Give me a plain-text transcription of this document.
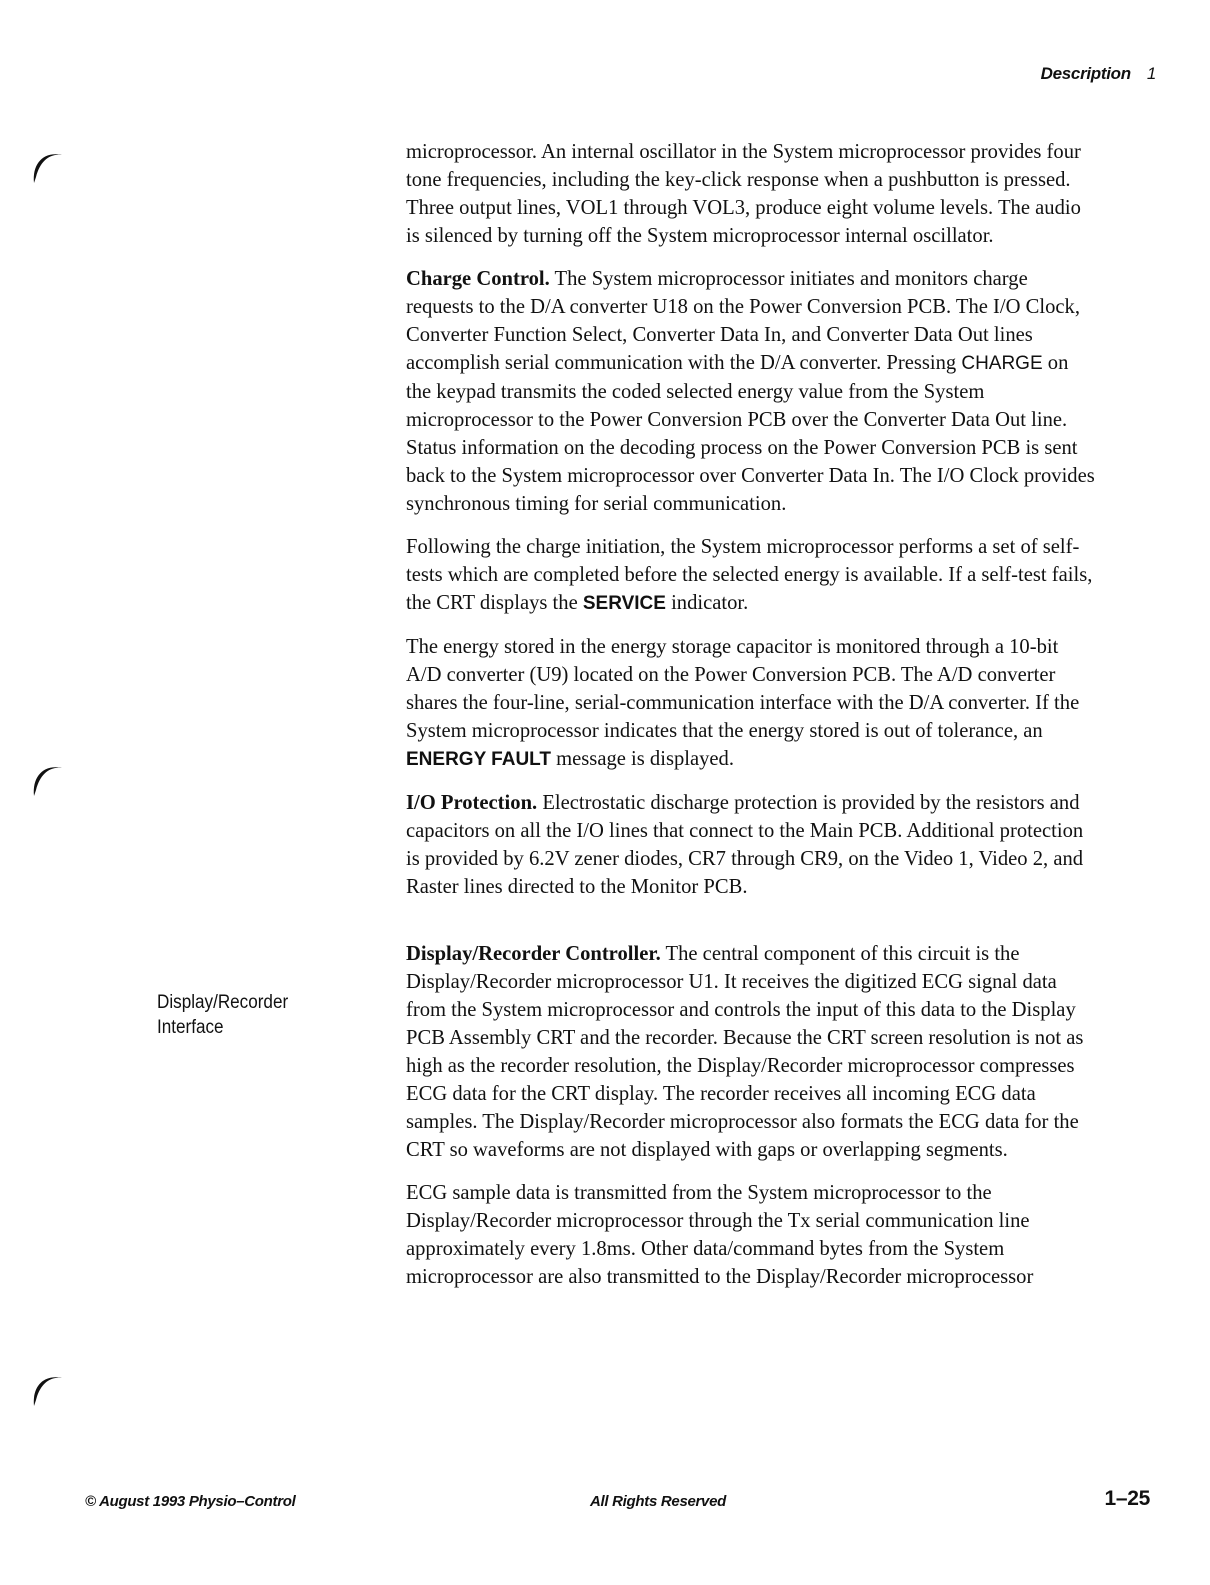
Description 1
Display/Recorder
Interface

microprocessor. An internal oscillator in the System microprocessor provides four tone frequencies, including the key-click response when a pushbutton is pressed. Three output lines, VOL1 through VOL3, produce eight volume levels. The audio is silenced by turning off the System microprocessor internal oscillator.

Charge Control. The System microprocessor initiates and monitors charge requests to the D/A converter U18 on the Power Conversion PCB. The I/O Clock, Converter Function Select, Converter Data In, and Converter Data Out lines accomplish serial communication with the D/A converter. Pressing CHARGE on the keypad transmits the coded selected energy value from the System microprocessor to the Power Conversion PCB over the Converter Data Out line. Status information on the decoding process on the Power Conversion PCB is sent back to the System microprocessor over Converter Data In. The I/O Clock provides synchronous timing for serial communication.

Following the charge initiation, the System microprocessor performs a set of self-tests which are completed before the selected energy is available. If a self-test fails, the CRT displays the SERVICE indicator.

The energy stored in the energy storage capacitor is monitored through a 10-bit A/D converter (U9) located on the Power Conversion PCB. The A/D converter shares the four-line, serial-communication interface with the D/A converter. If the System microprocessor indicates that the energy stored is out of tolerance, an ENERGY FAULT message is displayed.

I/O Protection. Electrostatic discharge protection is provided by the resistors and capacitors on all the I/O lines that connect to the Main PCB. Additional protection is provided by 6.2V zener diodes, CR7 through CR9, on the Video 1, Video 2, and Raster lines directed to the Monitor PCB.

Display/Recorder Controller. The central component of this circuit is the Display/Recorder microprocessor U1. It receives the digitized ECG signal data from the System microprocessor and controls the input of this data to the Display PCB Assembly CRT and the recorder. Because the CRT screen resolution is not as high as the recorder resolution, the Display/Recorder microprocessor compresses ECG data for the CRT display. The recorder receives all incoming ECG data samples. The Display/Recorder microprocessor also formats the ECG data for the CRT so waveforms are not displayed with gaps or overlapping segments.

ECG sample data is transmitted from the System microprocessor to the Display/Recorder microprocessor through the Tx serial communication line approximately every 1.8ms. Other data/command bytes from the System microprocessor are also transmitted to the Display/Recorder microprocessor

© August 1993 Physio–Control	All Rights Reserved	1–25
